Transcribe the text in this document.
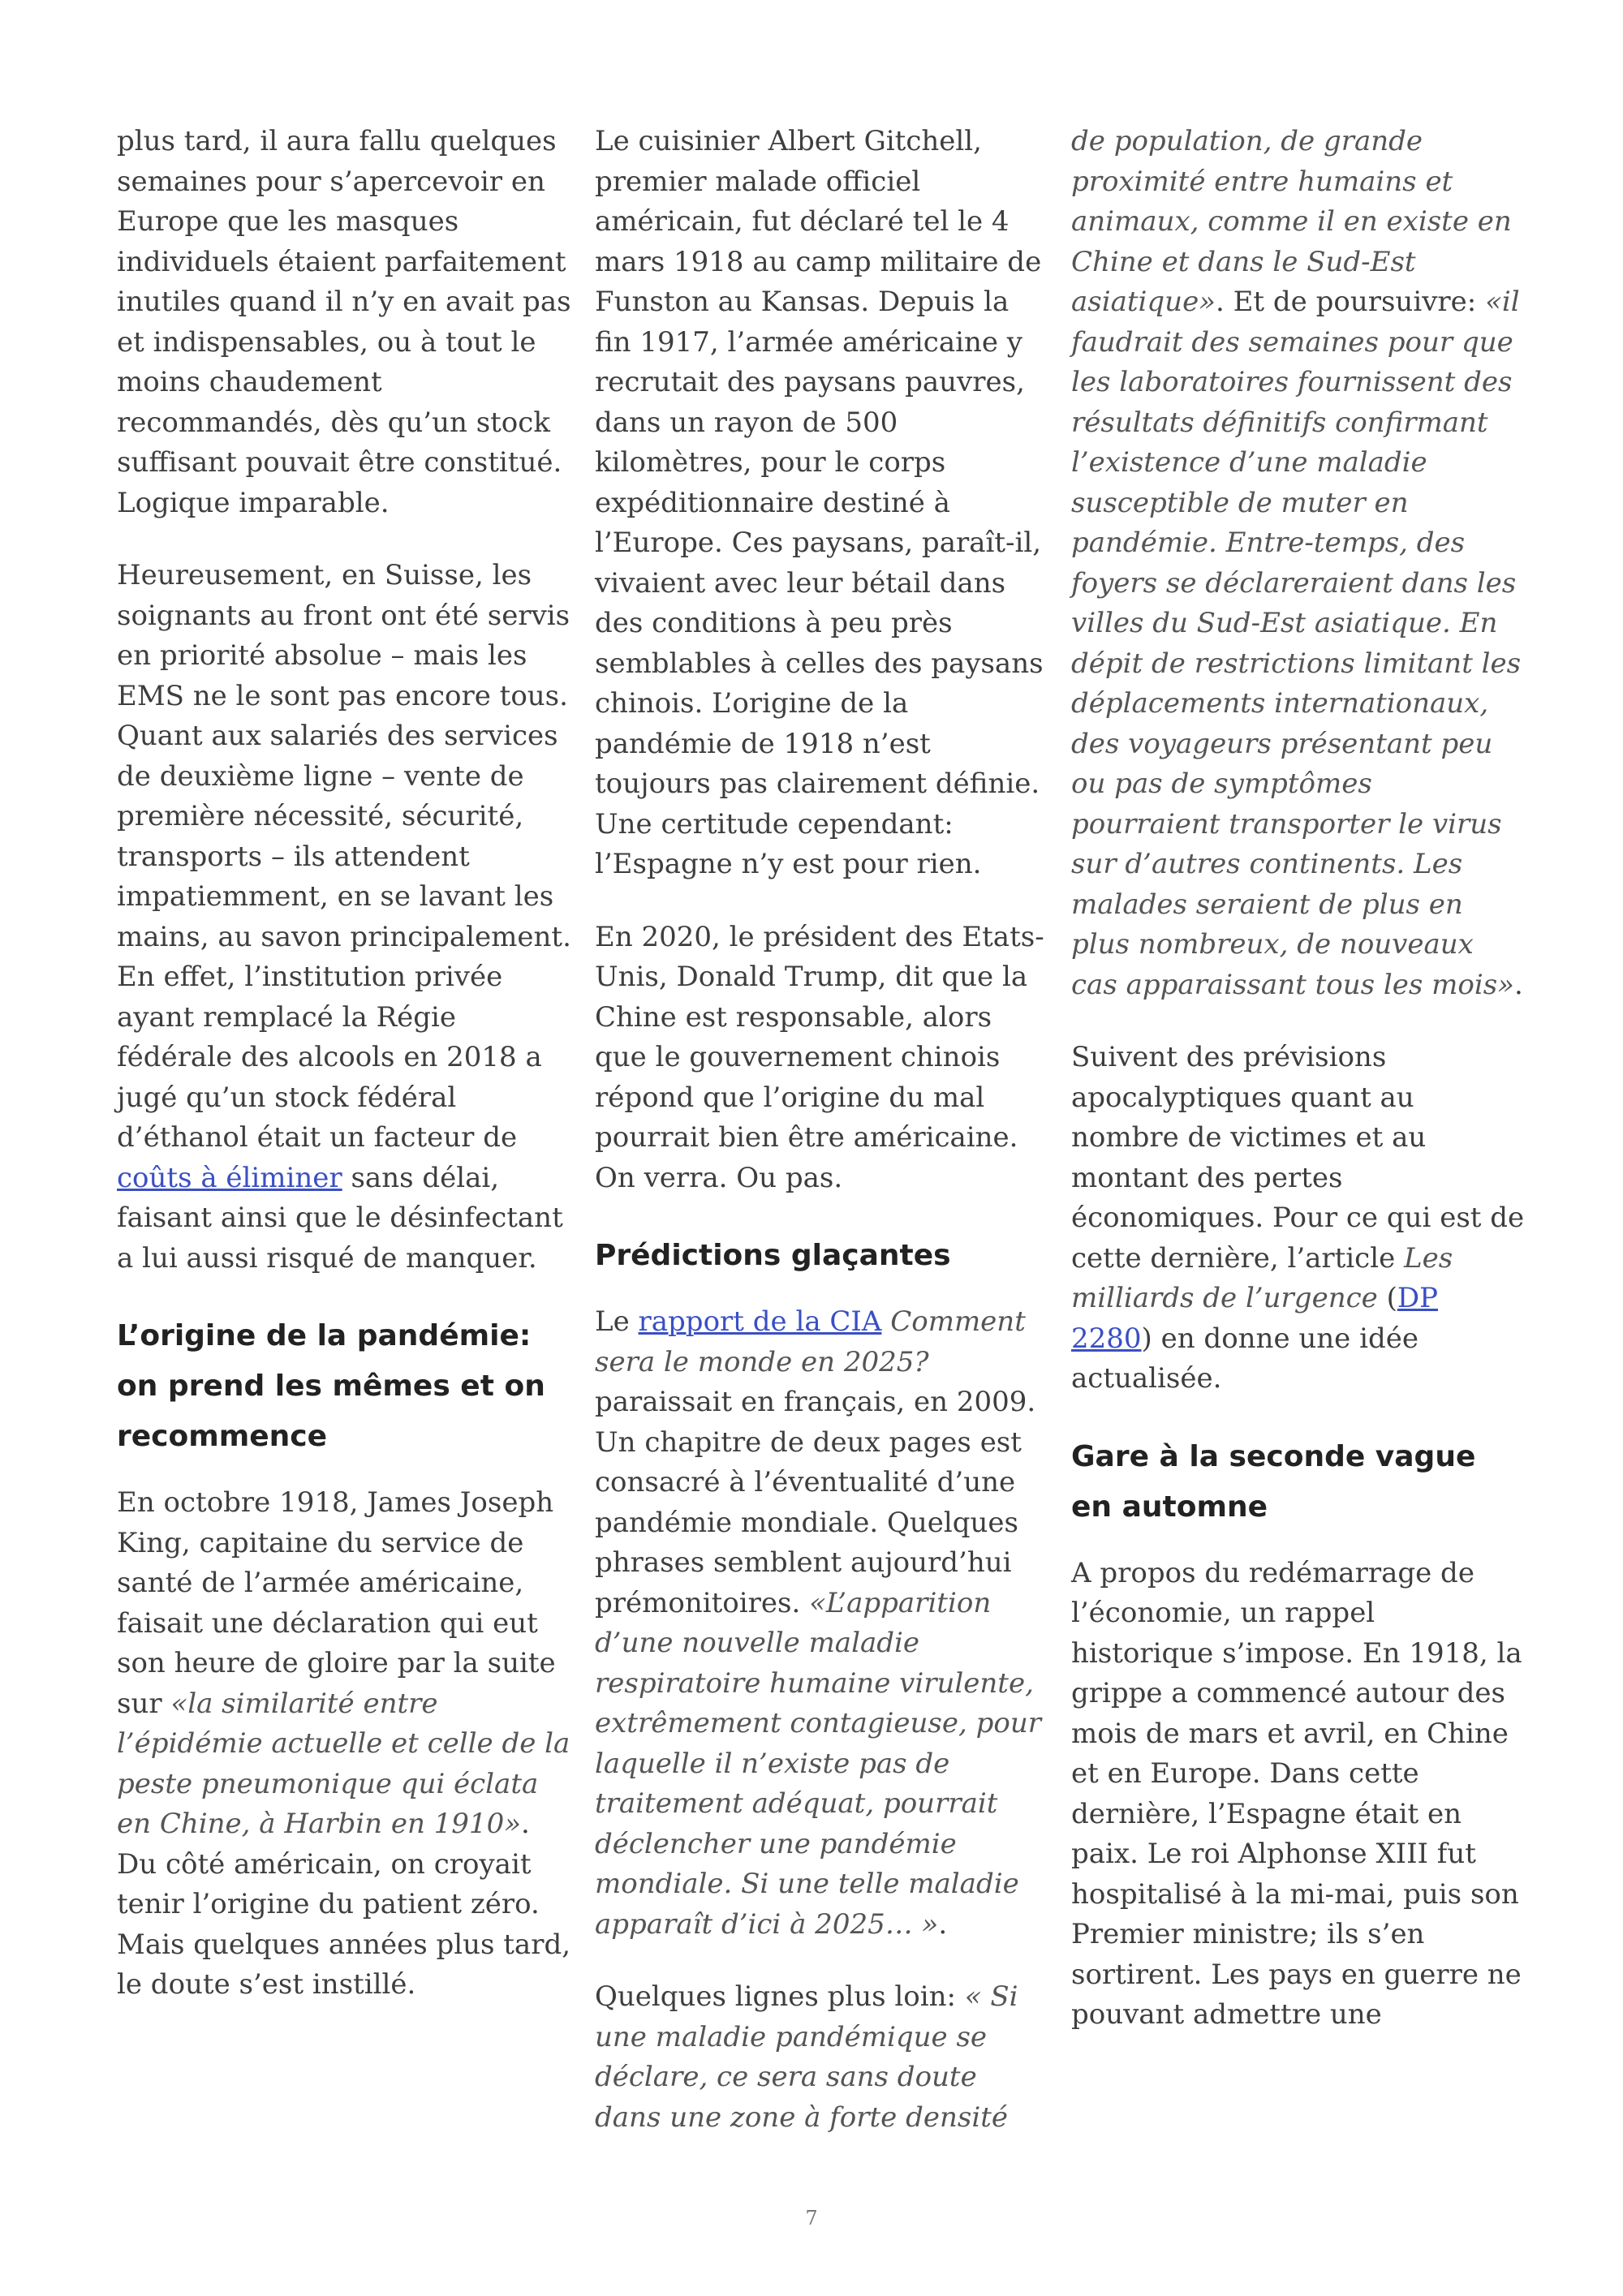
plus tard, il aura fallu quelques semaines pour s’apercevoir en Europe que les masques individuels étaient parfaitement inutiles quand il n’y en avait pas et indispensables, ou à tout le moins chaudement recommandés, dès qu’un stock suffisant pouvait être constitué. Logique imparable.

Heureusement, en Suisse, les soignants au front ont été servis en priorité absolue – mais les EMS ne le sont pas encore tous. Quant aux salariés des services de deuxième ligne – vente de première nécessité, sécurité, transports – ils attendent impatiemment, en se lavant les mains, au savon principalement. En effet, l’institution privée ayant remplacé la Régie fédérale des alcools en 2018 a jugé qu’un stock fédéral d’éthanol était un facteur de coûts à éliminer sans délai, faisant ainsi que le désinfectant a lui aussi risqué de manquer.

L’origine de la pandémie: on prend les mêmes et on recommence

En octobre 1918, James Joseph King, capitaine du service de santé de l’armée américaine, faisait une déclaration qui eut son heure de gloire par la suite sur «la similarité entre l’épidémie actuelle et celle de la peste pneumonique qui éclata en Chine, à Harbin en 1910». Du côté américain, on croyait tenir l’origine du patient zéro. Mais quelques années plus tard, le doute s’est instillé.

Le cuisinier Albert Gitchell, premier malade officiel américain, fut déclaré tel le 4 mars 1918 au camp militaire de Funston au Kansas. Depuis la fin 1917, l’armée américaine y recrutait des paysans pauvres, dans un rayon de 500 kilomètres, pour le corps expéditionnaire destiné à l’Europe. Ces paysans, paraît-il, vivaient avec leur bétail dans des conditions à peu près semblables à celles des paysans chinois. L’origine de la pandémie de 1918 n’est toujours pas clairement définie. Une certitude cependant: l’Espagne n’y est pour rien.

En 2020, le président des Etats-Unis, Donald Trump, dit que la Chine est responsable, alors que le gouvernement chinois répond que l’origine du mal pourrait bien être américaine. On verra. Ou pas.

Prédictions glaçantes

Le rapport de la CIA Comment sera le monde en 2025? paraissait en français, en 2009. Un chapitre de deux pages est consacré à l’éventualité d’une pandémie mondiale. Quelques phrases semblent aujourd’hui prémonitoires. «L’apparition d’une nouvelle maladie respiratoire humaine virulente, extrêmement contagieuse, pour laquelle il n’existe pas de traitement adéquat, pourrait déclencher une pandémie mondiale. Si une telle maladie apparaît d’ici à 2025… ».

Quelques lignes plus loin: « Si une maladie pandémique se déclare, ce sera sans doute dans une zone à forte densité

de population, de grande proximité entre humains et animaux, comme il en existe en Chine et dans le Sud-Est asiatique». Et de poursuivre: «il faudrait des semaines pour que les laboratoires fournissent des résultats définitifs confirmant l’existence d’une maladie susceptible de muter en pandémie. Entre-temps, des foyers se déclareraient dans les villes du Sud-Est asiatique. En dépit de restrictions limitant les déplacements internationaux, des voyageurs présentant peu ou pas de symptômes pourraient transporter le virus sur d’autres continents. Les malades seraient de plus en plus nombreux, de nouveaux cas apparaissant tous les mois».

Suivent des prévisions apocalyptiques quant au nombre de victimes et au montant des pertes économiques. Pour ce qui est de cette dernière, l’article Les milliards de l’urgence (DP 2280) en donne une idée actualisée.

Gare à la seconde vague en automne

A propos du redémarrage de l’économie, un rappel historique s’impose. En 1918, la grippe a commencé autour des mois de mars et avril, en Chine et en Europe. Dans cette dernière, l’Espagne était en paix. Le roi Alphonse XIII fut hospitalisé à la mi-mai, puis son Premier ministre; ils s’en sortirent. Les pays en guerre ne pouvant admettre une

7
